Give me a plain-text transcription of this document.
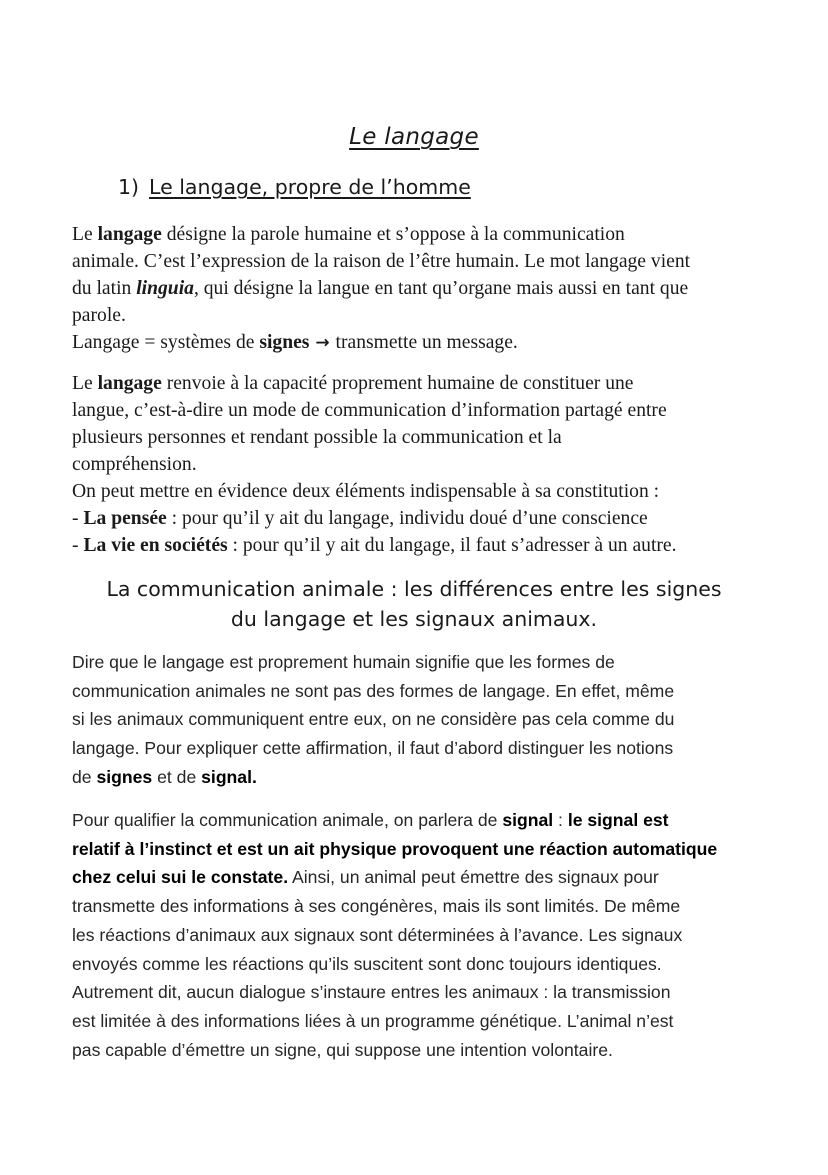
Le langage
1) Le langage, propre de l’homme

Le langage désigne la parole humaine et s’oppose à la communication
animale. C’est l’expression de la raison de l’être humain. Le mot langage vient
du latin linguia, qui désigne la langue en tant qu’organe mais aussi en tant que
parole.
Langage = systèmes de signes → transmette un message.

Le langage renvoie à la capacité proprement humaine de constituer une
langue, c’est-à-dire un mode de communication d’information partagé entre
plusieurs personnes et rendant possible la communication et la
compréhension.
On peut mettre en évidence deux éléments indispensable à sa constitution :
- La pensée : pour qu’il y ait du langage, individu doué d’une conscience
- La vie en sociétés : pour qu’il y ait du langage, il faut s’adresser à un autre.

La communication animale : les différences entre les signes
du langage et les signaux animaux.

Dire que le langage est proprement humain signifie que les formes de
communication animales ne sont pas des formes de langage. En effet, même
si les animaux communiquent entre eux, on ne considère pas cela comme du
langage. Pour expliquer cette affirmation, il faut d’abord distinguer les notions
de signes et de signal.

Pour qualifier la communication animale, on parlera de signal : le signal est
relatif à l’instinct et est un ait physique provoquent une réaction automatique
chez celui sui le constate. Ainsi, un animal peut émettre des signaux pour
transmette des informations à ses congénères, mais ils sont limités. De même
les réactions d’animaux aux signaux sont déterminées à l’avance. Les signaux
envoyés comme les réactions qu’ils suscitent sont donc toujours identiques.
Autrement dit, aucun dialogue s’instaure entres les animaux : la transmission
est limitée à des informations liées à un programme génétique. L’animal n’est
pas capable d’émettre un signe, qui suppose une intention volontaire.
